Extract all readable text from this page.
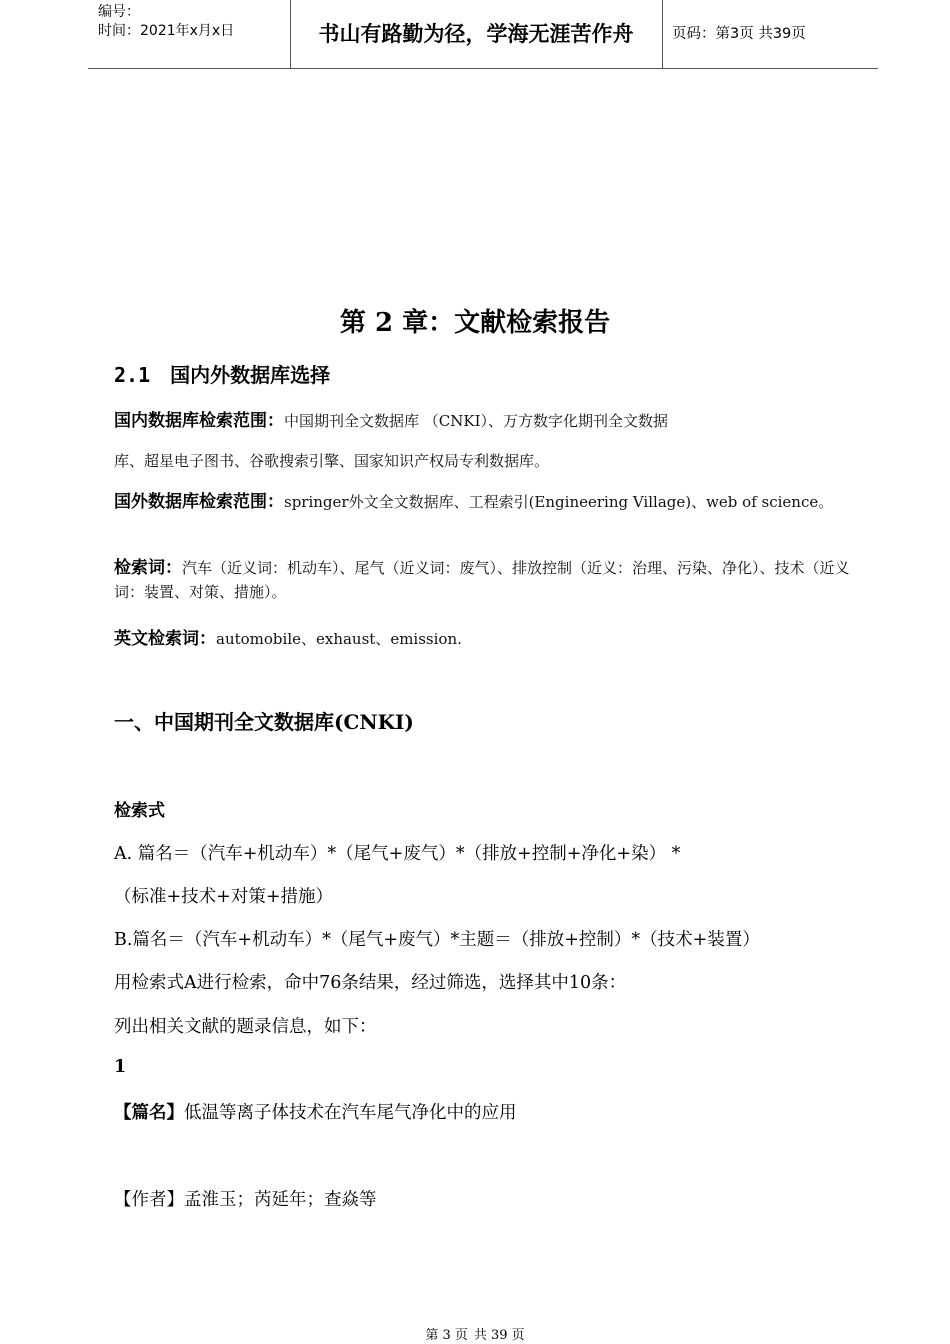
编号：
时间：2021年x月x日	书山有路勤为径，学海无涯苦作舟	页码：第3页 共39页
第 2 章：文献检索报告
2.1 国内外数据库选择
国内数据库检索范围：中国期刊全文数据库 （CNKI）、万方数字化期刊全文数据
库、超星电子图书、谷歌搜索引擎、国家知识产权局专利数据库。
国外数据库检索范围：springer外文全文数据库、工程索引(Engineering Village)、web of science。
检索词：汽车（近义词：机动车）、尾气（近义词：废气）、排放控制（近义：治理、污染、净化）、技术（近义词：装置、对策、措施）。
英文检索词：automobile、exhaust、emission.
一、中国期刊全文数据库(CNKI)
检索式
A. 篇名＝（汽车+机动车）*（尾气+废气）*（排放+控制+净化+染） *
（标准+技术+对策+措施）
B.篇名＝（汽车+机动车）*（尾气+废气）*主题＝（排放+控制）*（技术+装置）
用检索式A进行检索，命中76条结果，经过筛选，选择其中10条：
列出相关文献的题录信息，如下：
1
【篇名】低温等离子体技术在汽车尾气净化中的应用
【作者】孟淮玉；芮延年；查焱等
第 3 页 共 39 页
